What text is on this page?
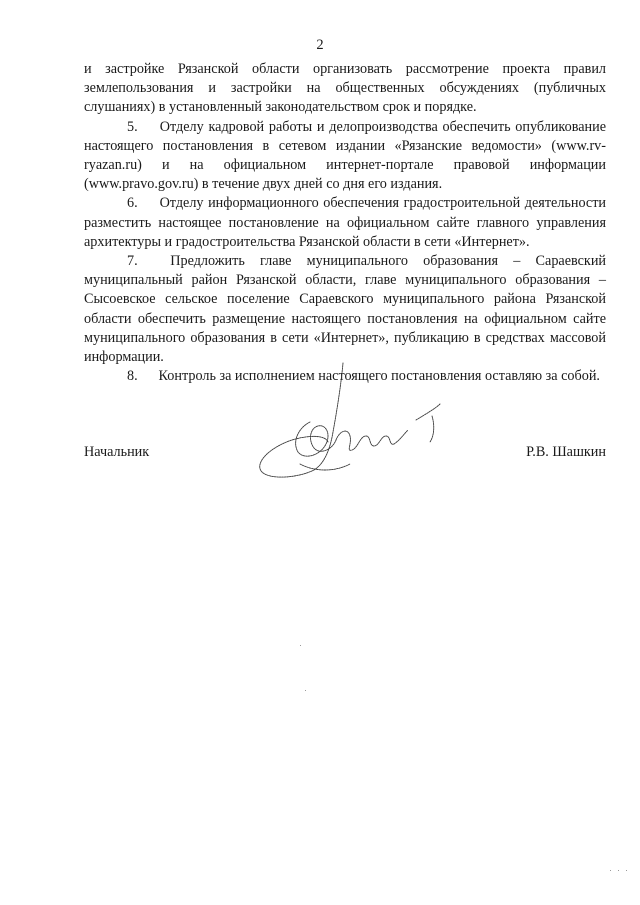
2

и застройке Рязанской области организовать рассмотрение проекта правил землепользования и застройки на общественных обсуждениях (публичных слушаниях) в установленный законодательством срок и порядке.

5. Отделу кадровой работы и делопроизводства обеспечить опубликование настоящего постановления в сетевом издании «Рязанские ведомости» (www.rv-ryazan.ru) и на официальном интернет-портале правовой информации (www.pravo.gov.ru) в течение двух дней со дня его издания.

6. Отделу информационного обеспечения градостроительной деятельности разместить настоящее постановление на официальном сайте главного управления архитектуры и градостроительства Рязанской области в сети «Интернет».

7. Предложить главе муниципального образования – Сараевский муниципальный район Рязанской области, главе муниципального образования – Сысоевское сельское поселение Сараевского муниципального района Рязанской области обеспечить размещение настоящего постановления на официальном сайте муниципального образования в сети «Интернет», публикацию в средствах массовой информации.

8. Контроль за исполнением настоящего постановления оставляю за собой.

Начальник	Р.В. Шашкин
